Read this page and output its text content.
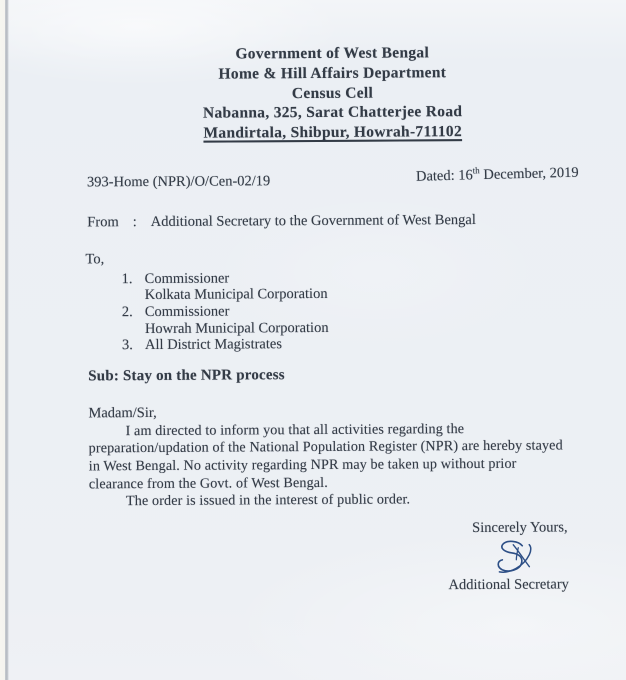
Government of West Bengal
Home & Hill Affairs Department
Census Cell
Nabanna, 325, Sarat Chatterjee Road
Mandirtala, Shibpur, Howrah-711102
393-Home (NPR)/O/Cen-02/19	Dated: 16th December, 2019
From : Additional Secretary to the Government of West Bengal
To,
1. Commissioner
Kolkata Municipal Corporation
2. Commissioner
Howrah Municipal Corporation
3. All District Magistrates
Sub: Stay on the NPR process
Madam/Sir,
I am directed to inform you that all activities regarding the
preparation/updation of the National Population Register (NPR) are hereby stayed
in West Bengal. No activity regarding NPR may be taken up without prior
clearance from the Govt. of West Bengal.
The order is issued in the interest of public order.
Sincerely Yours,
Additional Secretary
